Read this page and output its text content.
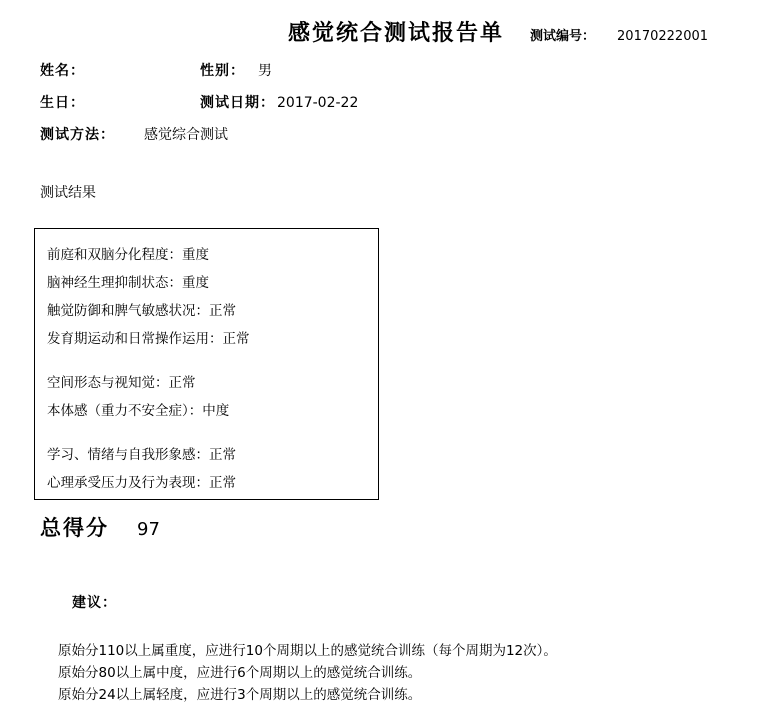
感觉统合测试报告单 测试编号： 20170222001
姓名：	性别： 男
生日：	测试日期： 2017-02-22
测试方法：	感觉综合测试
测试结果
前庭和双脑分化程度：重度
脑神经生理抑制状态：重度
触觉防御和脾气敏感状况：正常
发育期运动和日常操作运用：正常
空间形态与视知觉：正常
本体感（重力不安全症）：中度
学习、情绪与自我形象感：正常
心理承受压力及行为表现：正常
总得分 97
建议：
原始分110以上属重度，应进行10个周期以上的感觉统合训练（每个周期为12次）。
原始分80以上属中度，应进行6个周期以上的感觉统合训练。
原始分24以上属轻度，应进行3个周期以上的感觉统合训练。
